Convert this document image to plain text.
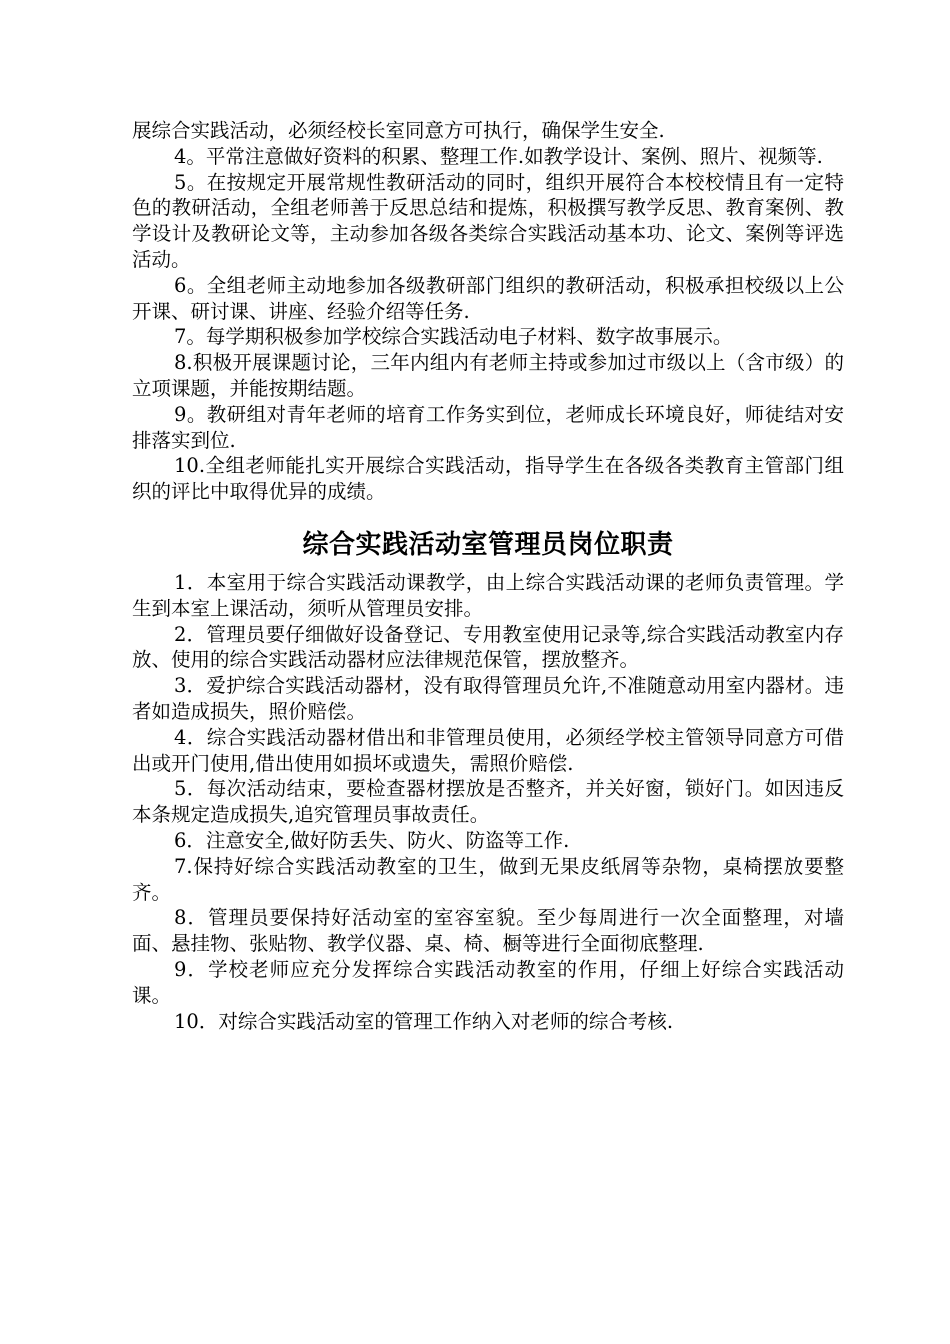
展综合实践活动，必须经校长室同意方可执行，确保学生安全.

4。平常注意做好资料的积累、整理工作.如教学设计、案例、照片、视频等.

5。在按规定开展常规性教研活动的同时，组织开展符合本校校情且有一定特色的教研活动，全组老师善于反思总结和提炼，积极撰写教学反思、教育案例、教学设计及教研论文等，主动参加各级各类综合实践活动基本功、论文、案例等评选活动。

6。全组老师主动地参加各级教研部门组织的教研活动，积极承担校级以上公开课、研讨课、讲座、经验介绍等任务.

7。每学期积极参加学校综合实践活动电子材料、数字故事展示。

8.积极开展课题讨论，三年内组内有老师主持或参加过市级以上（含市级）的立项课题，并能按期结题。

9。教研组对青年老师的培育工作务实到位，老师成长环境良好，师徒结对安排落实到位.

10.全组老师能扎实开展综合实践活动，指导学生在各级各类教育主管部门组织的评比中取得优异的成绩。

综合实践活动室管理员岗位职责

1．本室用于综合实践活动课教学，由上综合实践活动课的老师负责管理。学生到本室上课活动，须听从管理员安排。

2．管理员要仔细做好设备登记、专用教室使用记录等,综合实践活动教室内存放、使用的综合实践活动器材应法律规范保管，摆放整齐。

3．爱护综合实践活动器材，没有取得管理员允许,不准随意动用室内器材。违者如造成损失，照价赔偿。

4．综合实践活动器材借出和非管理员使用，必须经学校主管领导同意方可借出或开门使用,借出使用如损坏或遗失，需照价赔偿.

5．每次活动结束，要检查器材摆放是否整齐，并关好窗，锁好门。如因违反本条规定造成损失,追究管理员事故责任。

6．注意安全,做好防丢失、防火、防盗等工作.

7.保持好综合实践活动教室的卫生，做到无果皮纸屑等杂物，桌椅摆放要整齐。

8．管理员要保持好活动室的室容室貌。至少每周进行一次全面整理，对墙面、悬挂物、张贴物、教学仪器、桌、椅、橱等进行全面彻底整理.

9．学校老师应充分发挥综合实践活动教室的作用，仔细上好综合实践活动课。

10．对综合实践活动室的管理工作纳入对老师的综合考核.
